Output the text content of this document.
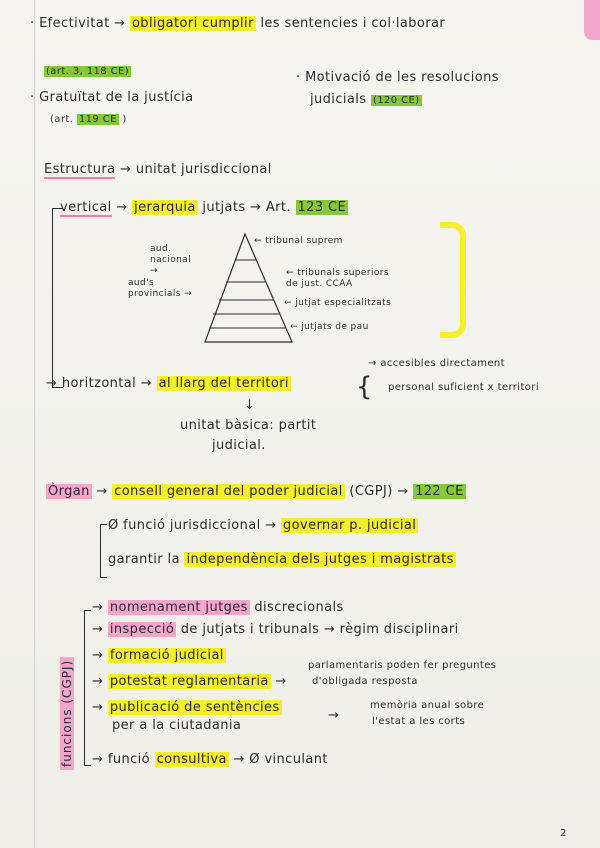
· Efectivitat → obligatori cumplir les sentencies i col·laborar
(art. 3, 118 CE)
· Gratuïtat de la justícia
(art. 119 CE )
· Motivació de les resolucions
judicials (120 CE)
Estructura → unitat jurisdiccional
vertical → jerarquia jutjats → Art. 123 CE
aud. nacional →
aud's provincials →
← tribunal suprem
← tribunals superiors de just. CCAA
← jutjat especialitzats
← jutjats de pau
→ horitzontal → al llarg del territori	{
→ accesibles directament
personal suficient x territori
↓
unitat bàsica: partit
judicial.
Òrgan → consell general del poder judicial (CGPJ) → 122 CE
Ø funció jurisdiccional → governar p. judicial
garantir la independència dels jutges i magistrats
funcions (CGPJ)
→ nomenament jutges discrecionals
→ inspecció de jutjats i tribunals → règim disciplinari
→ formació judicial
→ potestat reglamentaria →
parlamentaris poden fer preguntes
d'obligada resposta
→ publicació de sentències
per a la ciutadania
→
memòria anual sobre
l'estat a les corts
→ funció consultiva → Ø vinculant
2
